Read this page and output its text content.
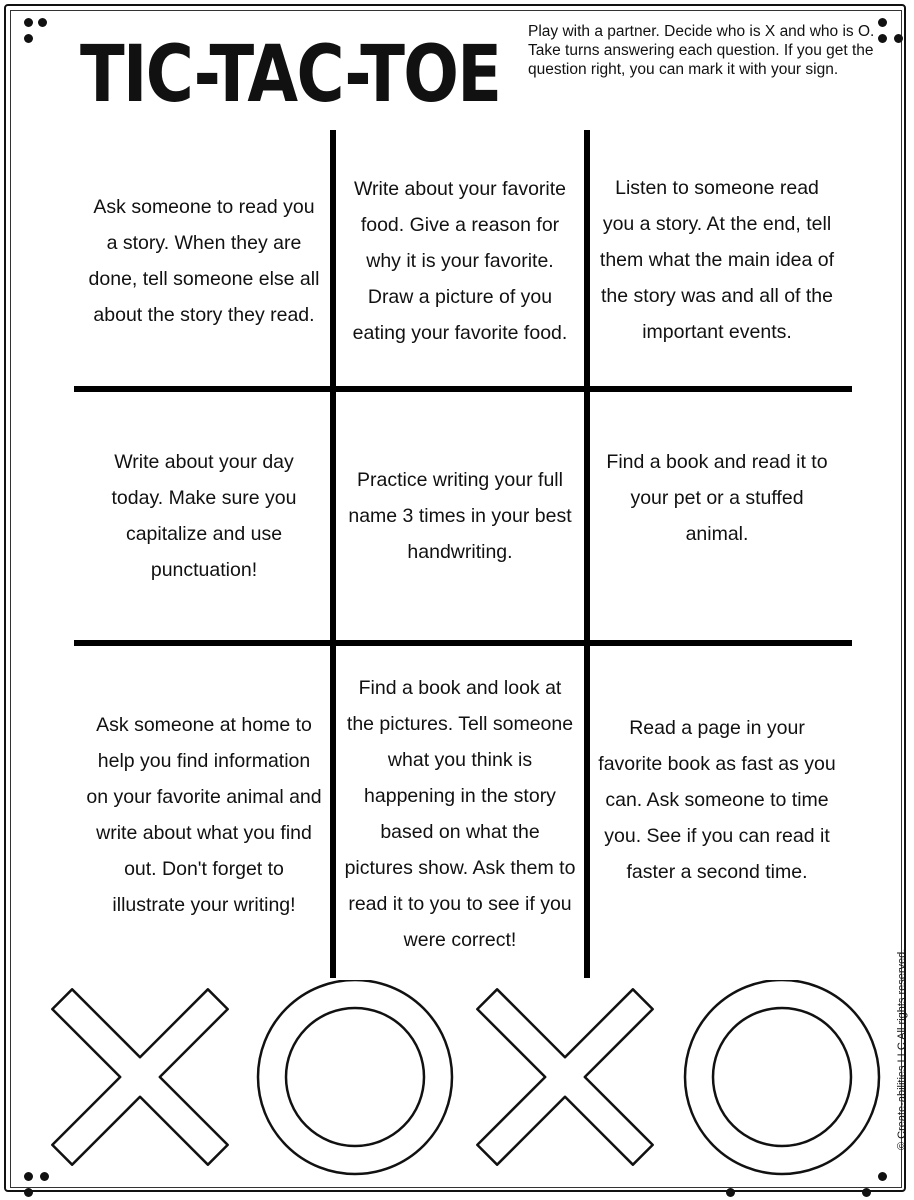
TIC-TAC-TOE Play with a partner. Decide who is X and who is O. Take turns answering each question. If you get the question right, you can mark it with your sign.

Ask someone to read you a story. When they are done, tell someone else all about the story they read.
Write about your favorite food. Give a reason for why it is your favorite. Draw a picture of you eating your favorite food.
Listen to someone read you a story. At the end, tell them what the main idea of the story was and all of the important events.
Write about your day today. Make sure you capitalize and use punctuation!
Practice writing your full name 3 times in your best handwriting.
Find a book and read it to your pet or a stuffed animal.
Ask someone at home to help you find information on your favorite animal and write about what you find out. Don't forget to illustrate your writing!
Find a book and look at the pictures. Tell someone what you think is happening in the story based on what the pictures show. Ask them to read it to you to see if you were correct!
Read a page in your favorite book as fast as you can. Ask someone to time you. See if you can read it faster a second time.
© Create-abilities LLC All rights reserved.
